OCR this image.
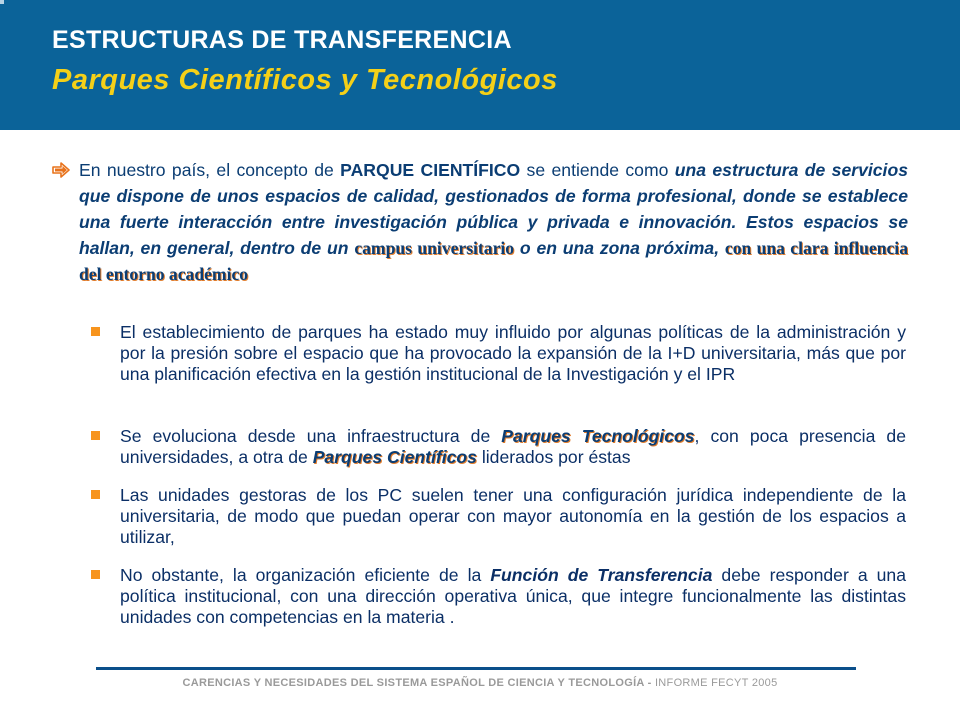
ESTRUCTURAS DE TRANSFERENCIA
Parques Científicos y Tecnológicos
En nuestro país, el concepto de PARQUE CIENTÍFICO se entiende como una estructura de servicios que dispone de unos espacios de calidad, gestionados de forma profesional, donde se establece una fuerte interacción entre investigación pública y privada e innovación. Estos espacios se hallan, en general, dentro de un campus universitario o en una zona próxima, con una clara influencia del entorno académico
El establecimiento de parques ha estado muy influido por algunas políticas de la administración y por la presión sobre el espacio que ha provocado la expansión de la I+D universitaria, más que por una planificación efectiva en la gestión institucional de la Investigación y el IPR
Se evoluciona desde una infraestructura de Parques Tecnológicos, con poca presencia de universidades, a otra de Parques Científicos liderados por éstas
Las unidades gestoras de los PC suelen tener una configuración jurídica independiente de la universitaria, de modo que puedan operar con mayor autonomía en la gestión de los espacios a utilizar,
No obstante, la organización eficiente de la Función de Transferencia debe responder a una política institucional, con una dirección operativa única, que integre funcionalmente las distintas unidades con competencias en la materia .
CARENCIAS Y NECESIDADES DEL SISTEMA ESPAÑOL DE CIENCIA Y TECNOLOGÍA - INFORME FECYT 2005
